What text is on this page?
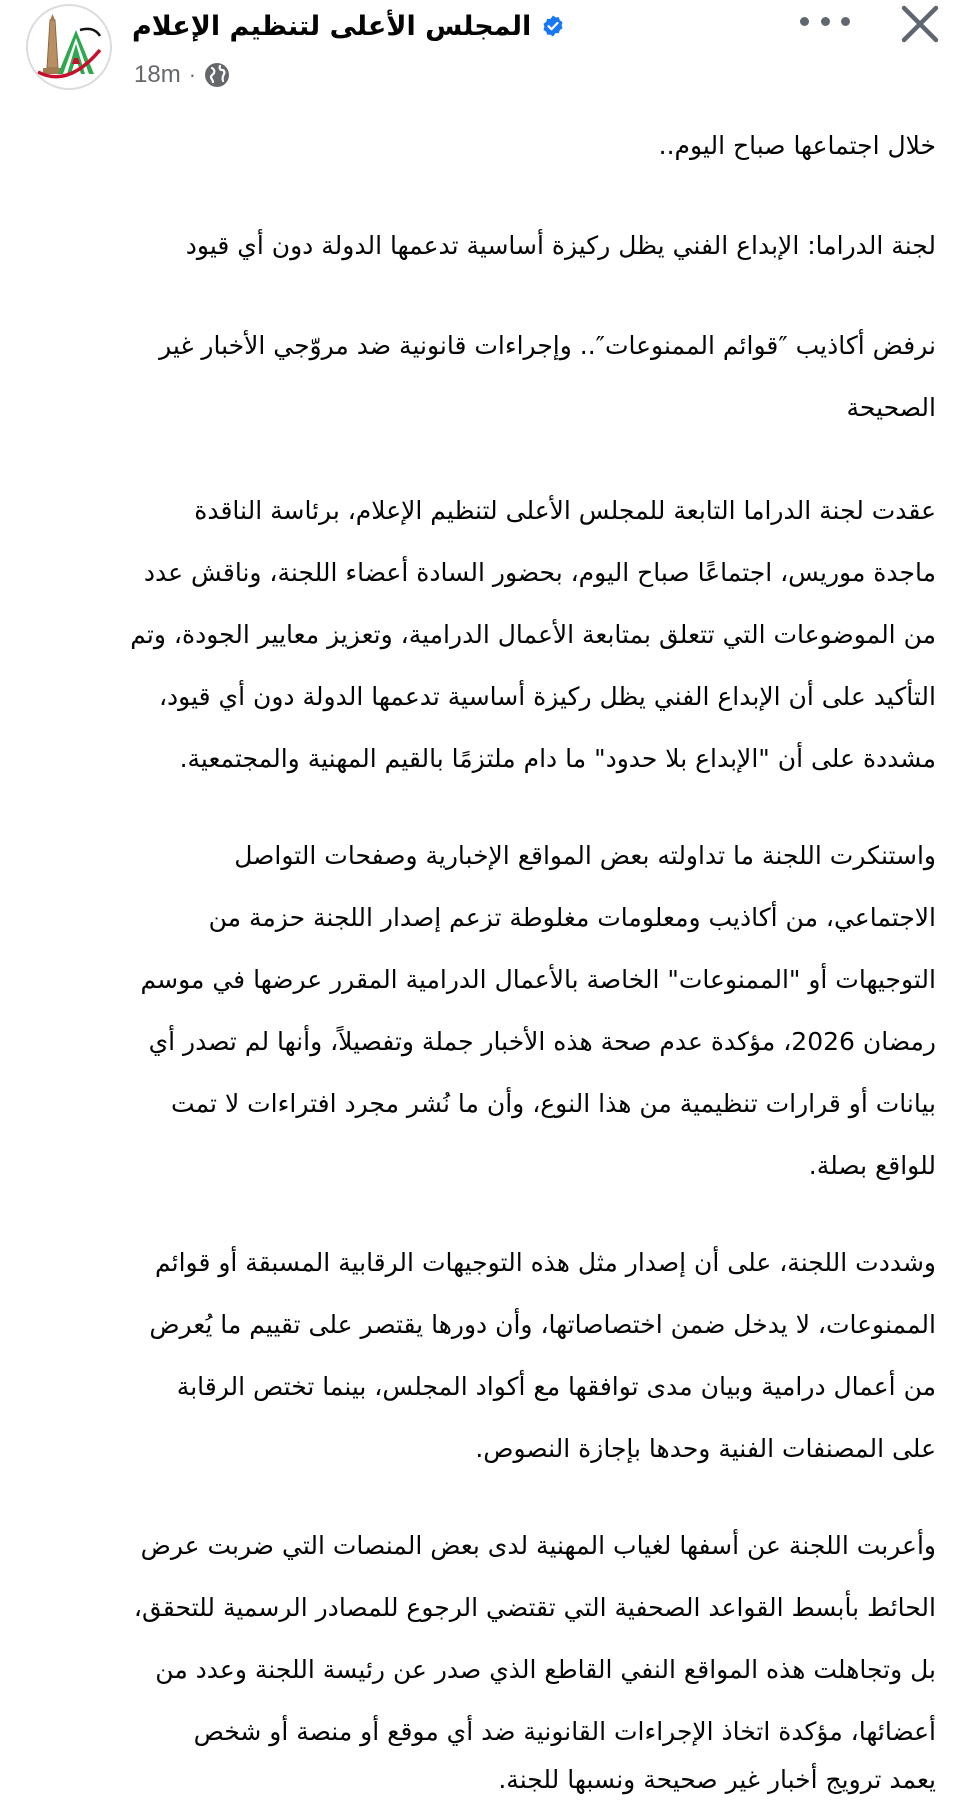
المجلس الأعلى لتنظيم الإعلام
18m ·
خلال اجتماعها صباح اليوم..
لجنة الدراما: الإبداع الفني يظل ركيزة أساسية تدعمها الدولة دون أي قيود
نرفض أكاذيب ″قوائم الممنوعات″.. وإجراءات قانونية ضد مروّجي الأخبار غير
الصحيحة
عقدت لجنة الدراما التابعة للمجلس الأعلى لتنظيم الإعلام، برئاسة الناقدة
ماجدة موريس، اجتماعًا صباح اليوم، بحضور السادة أعضاء اللجنة، وناقش عدد
من الموضوعات التي تتعلق بمتابعة الأعمال الدرامية، وتعزيز معايير الجودة، وتم
التأكيد على أن الإبداع الفني يظل ركيزة أساسية تدعمها الدولة دون أي قيود،
مشددة على أن "الإبداع بلا حدود" ما دام ملتزمًا بالقيم المهنية والمجتمعية.
واستنكرت اللجنة ما تداولته بعض المواقع الإخبارية وصفحات التواصل
الاجتماعي، من أكاذيب ومعلومات مغلوطة تزعم إصدار اللجنة حزمة من
التوجيهات أو "الممنوعات" الخاصة بالأعمال الدرامية المقرر عرضها في موسم
رمضان 2026، مؤكدة عدم صحة هذه الأخبار جملة وتفصيلاً، وأنها لم تصدر أي
بيانات أو قرارات تنظيمية من هذا النوع، وأن ما نُشر مجرد افتراءات لا تمت
للواقع بصلة.
وشددت اللجنة، على أن إصدار مثل هذه التوجيهات الرقابية المسبقة أو قوائم
الممنوعات، لا يدخل ضمن اختصاصاتها، وأن دورها يقتصر على تقييم ما يُعرض
من أعمال درامية وبيان مدى توافقها مع أكواد المجلس، بينما تختص الرقابة
على المصنفات الفنية وحدها بإجازة النصوص.
وأعربت اللجنة عن أسفها لغياب المهنية لدى بعض المنصات التي ضربت عرض
الحائط بأبسط القواعد الصحفية التي تقتضي الرجوع للمصادر الرسمية للتحقق،
بل وتجاهلت هذه المواقع النفي القاطع الذي صدر عن رئيسة اللجنة وعدد من
أعضائها، مؤكدة اتخاذ الإجراءات القانونية ضد أي موقع أو منصة أو شخص
يعمد ترويج أخبار غير صحيحة ونسبها للجنة.
